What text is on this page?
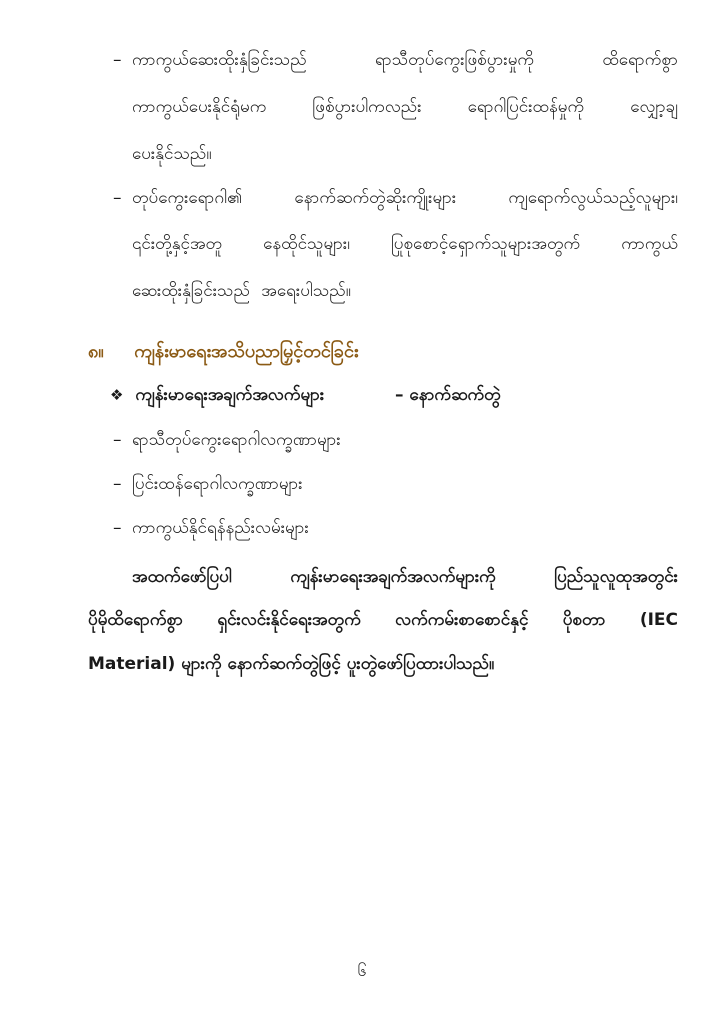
– ကာကွယ်ဆေးထိုးနှံခြင်းသည်	ရာသီတုပ်ကွေးဖြစ်ပွားမှုကို	ထိရောက်စွာ
ကာကွယ်ပေးနိုင်ရုံမက	ဖြစ်ပွားပါကလည်း	ရောဂါပြင်းထန်မှုကို	လျှော့ချ
ပေးနိုင်သည်။
– တုပ်ကွေးရောဂါ၏	နောက်ဆက်တွဲဆိုးကျိုးများ	ကျရောက်လွယ်သည့်လူများ၊
၎င်းတို့နှင့်အတူ နေထိုင်သူများ၊ ပြုစုစောင့်ရှောက်သူများအတွက် ကာကွယ်
ဆေးထိုးနှံခြင်းသည် အရေးပါသည်။
၈။ ကျန်းမာရေးအသိပညာမြှင့်တင်ခြင်း
❖ ကျန်းမာရေးအချက်အလက်များ	– နောက်ဆက်တွဲ
– ရာသီတုပ်ကွေးရောဂါလက္ခဏာများ
– ပြင်းထန်ရောဂါလက္ခဏာများ
– ကာကွယ်နိုင်ရန်နည်းလမ်းများ
အထက်ဖော်ပြပါ	ကျန်းမာရေးအချက်အလက်များကို	ပြည်သူလူထုအတွင်း
ပိုမိုထိရောက်စွာ ရှင်းလင်းနိုင်ရေးအတွက် လက်ကမ်းစာစောင်နှင့် ပိုစတာ (IEC
Material) များကို နောက်ဆက်တွဲဖြင့် ပူးတွဲဖော်ပြထားပါသည်။
၆
